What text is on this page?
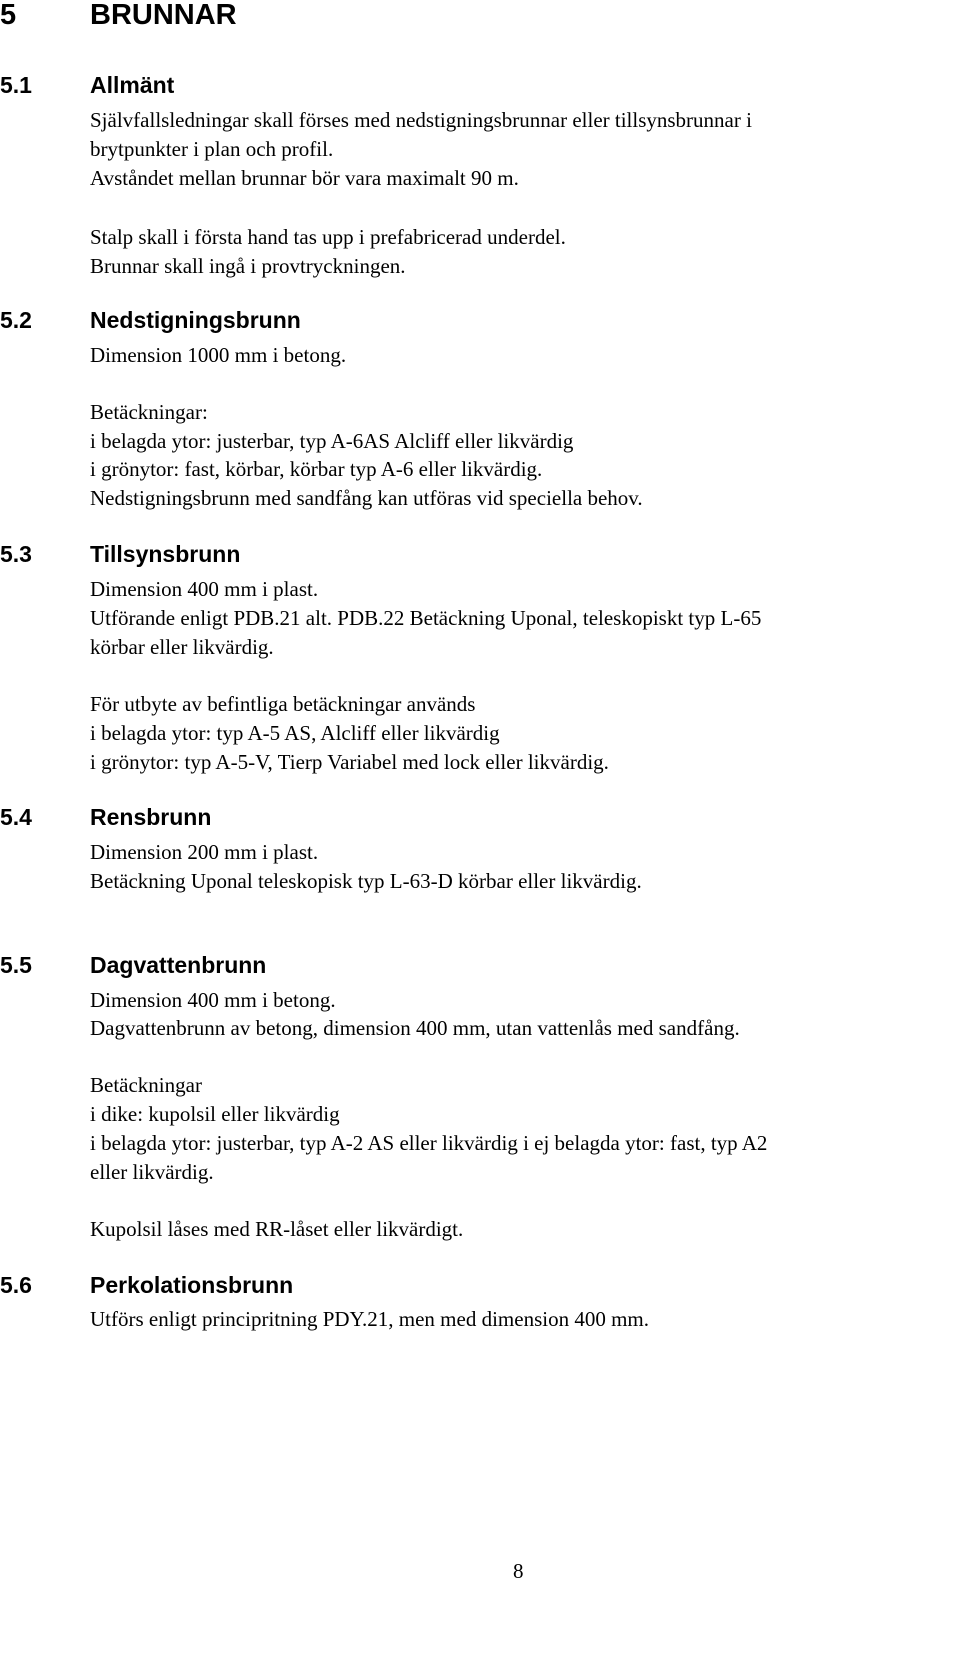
5	BRUNNAR
5.1	Allmänt
Självfallsledningar skall förses med nedstigningsbrunnar eller tillsynsbrunnar i
brytpunkter i plan och profil.
Avståndet mellan brunnar bör vara maximalt 90 m.
Stalp skall i första hand tas upp i prefabricerad underdel.
Brunnar skall ingå i provtryckningen.
5.2	Nedstigningsbrunn
Dimension 1000 mm i betong.
Betäckningar:
i belagda ytor: justerbar, typ A-6AS Alcliff eller likvärdig
i grönytor: fast, körbar, körbar typ A-6 eller likvärdig.
Nedstigningsbrunn med sandfång kan utföras vid speciella behov.
5.3	Tillsynsbrunn
Dimension 400 mm i plast.
Utförande enligt PDB.21 alt. PDB.22 Betäckning Uponal, teleskopiskt typ L-65
körbar eller likvärdig.
För utbyte av befintliga betäckningar används
i belagda ytor: typ A-5 AS, Alcliff eller likvärdig
i grönytor: typ A-5-V, Tierp Variabel med lock eller likvärdig.
5.4	Rensbrunn
Dimension 200 mm i plast.
Betäckning Uponal teleskopisk typ L-63-D körbar eller likvärdig.
5.5	Dagvattenbrunn
Dimension 400 mm i betong.
Dagvattenbrunn av betong, dimension 400 mm, utan vattenlås med sandfång.
Betäckningar
i dike: kupolsil eller likvärdig
i belagda ytor: justerbar, typ A-2 AS eller likvärdig i ej belagda ytor: fast, typ A2
eller likvärdig.
Kupolsil låses med RR-låset eller likvärdigt.
5.6	Perkolationsbrunn
Utförs enligt principritning PDY.21, men med dimension 400 mm.
8
